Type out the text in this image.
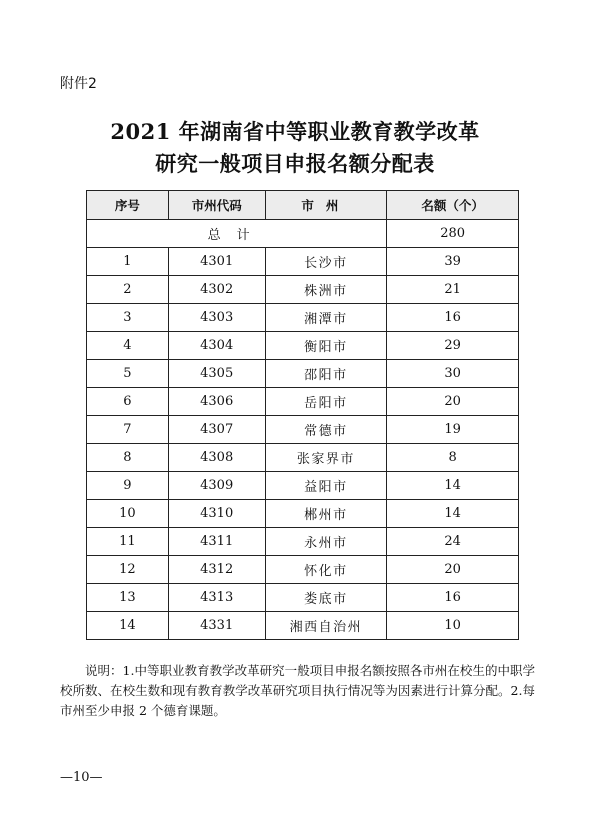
附件2
2021 年湖南省中等职业教育教学改革
研究一般项目申报名额分配表
序号	市州代码	市州	名额（个）
总计			280
1	4301	长沙市	39
2	4302	株洲市	21
3	4303	湘潭市	16
4	4304	衡阳市	29
5	4305	邵阳市	30
6	4306	岳阳市	20
7	4307	常德市	19
8	4308	张家界市	8
9	4309	益阳市	14
10	4310	郴州市	14
11	4311	永州市	24
12	4312	怀化市	20
13	4313	娄底市	16
14	4331	湘西自治州	10
说明：1.中等职业教育教学改革研究一般项目申报名额按照各市州在校生的中职学校所数、在校生数和现有教育教学改革研究项目执行情况等为因素进行计算分配。2.每市州至少申报 2 个德育课题。
—10—
